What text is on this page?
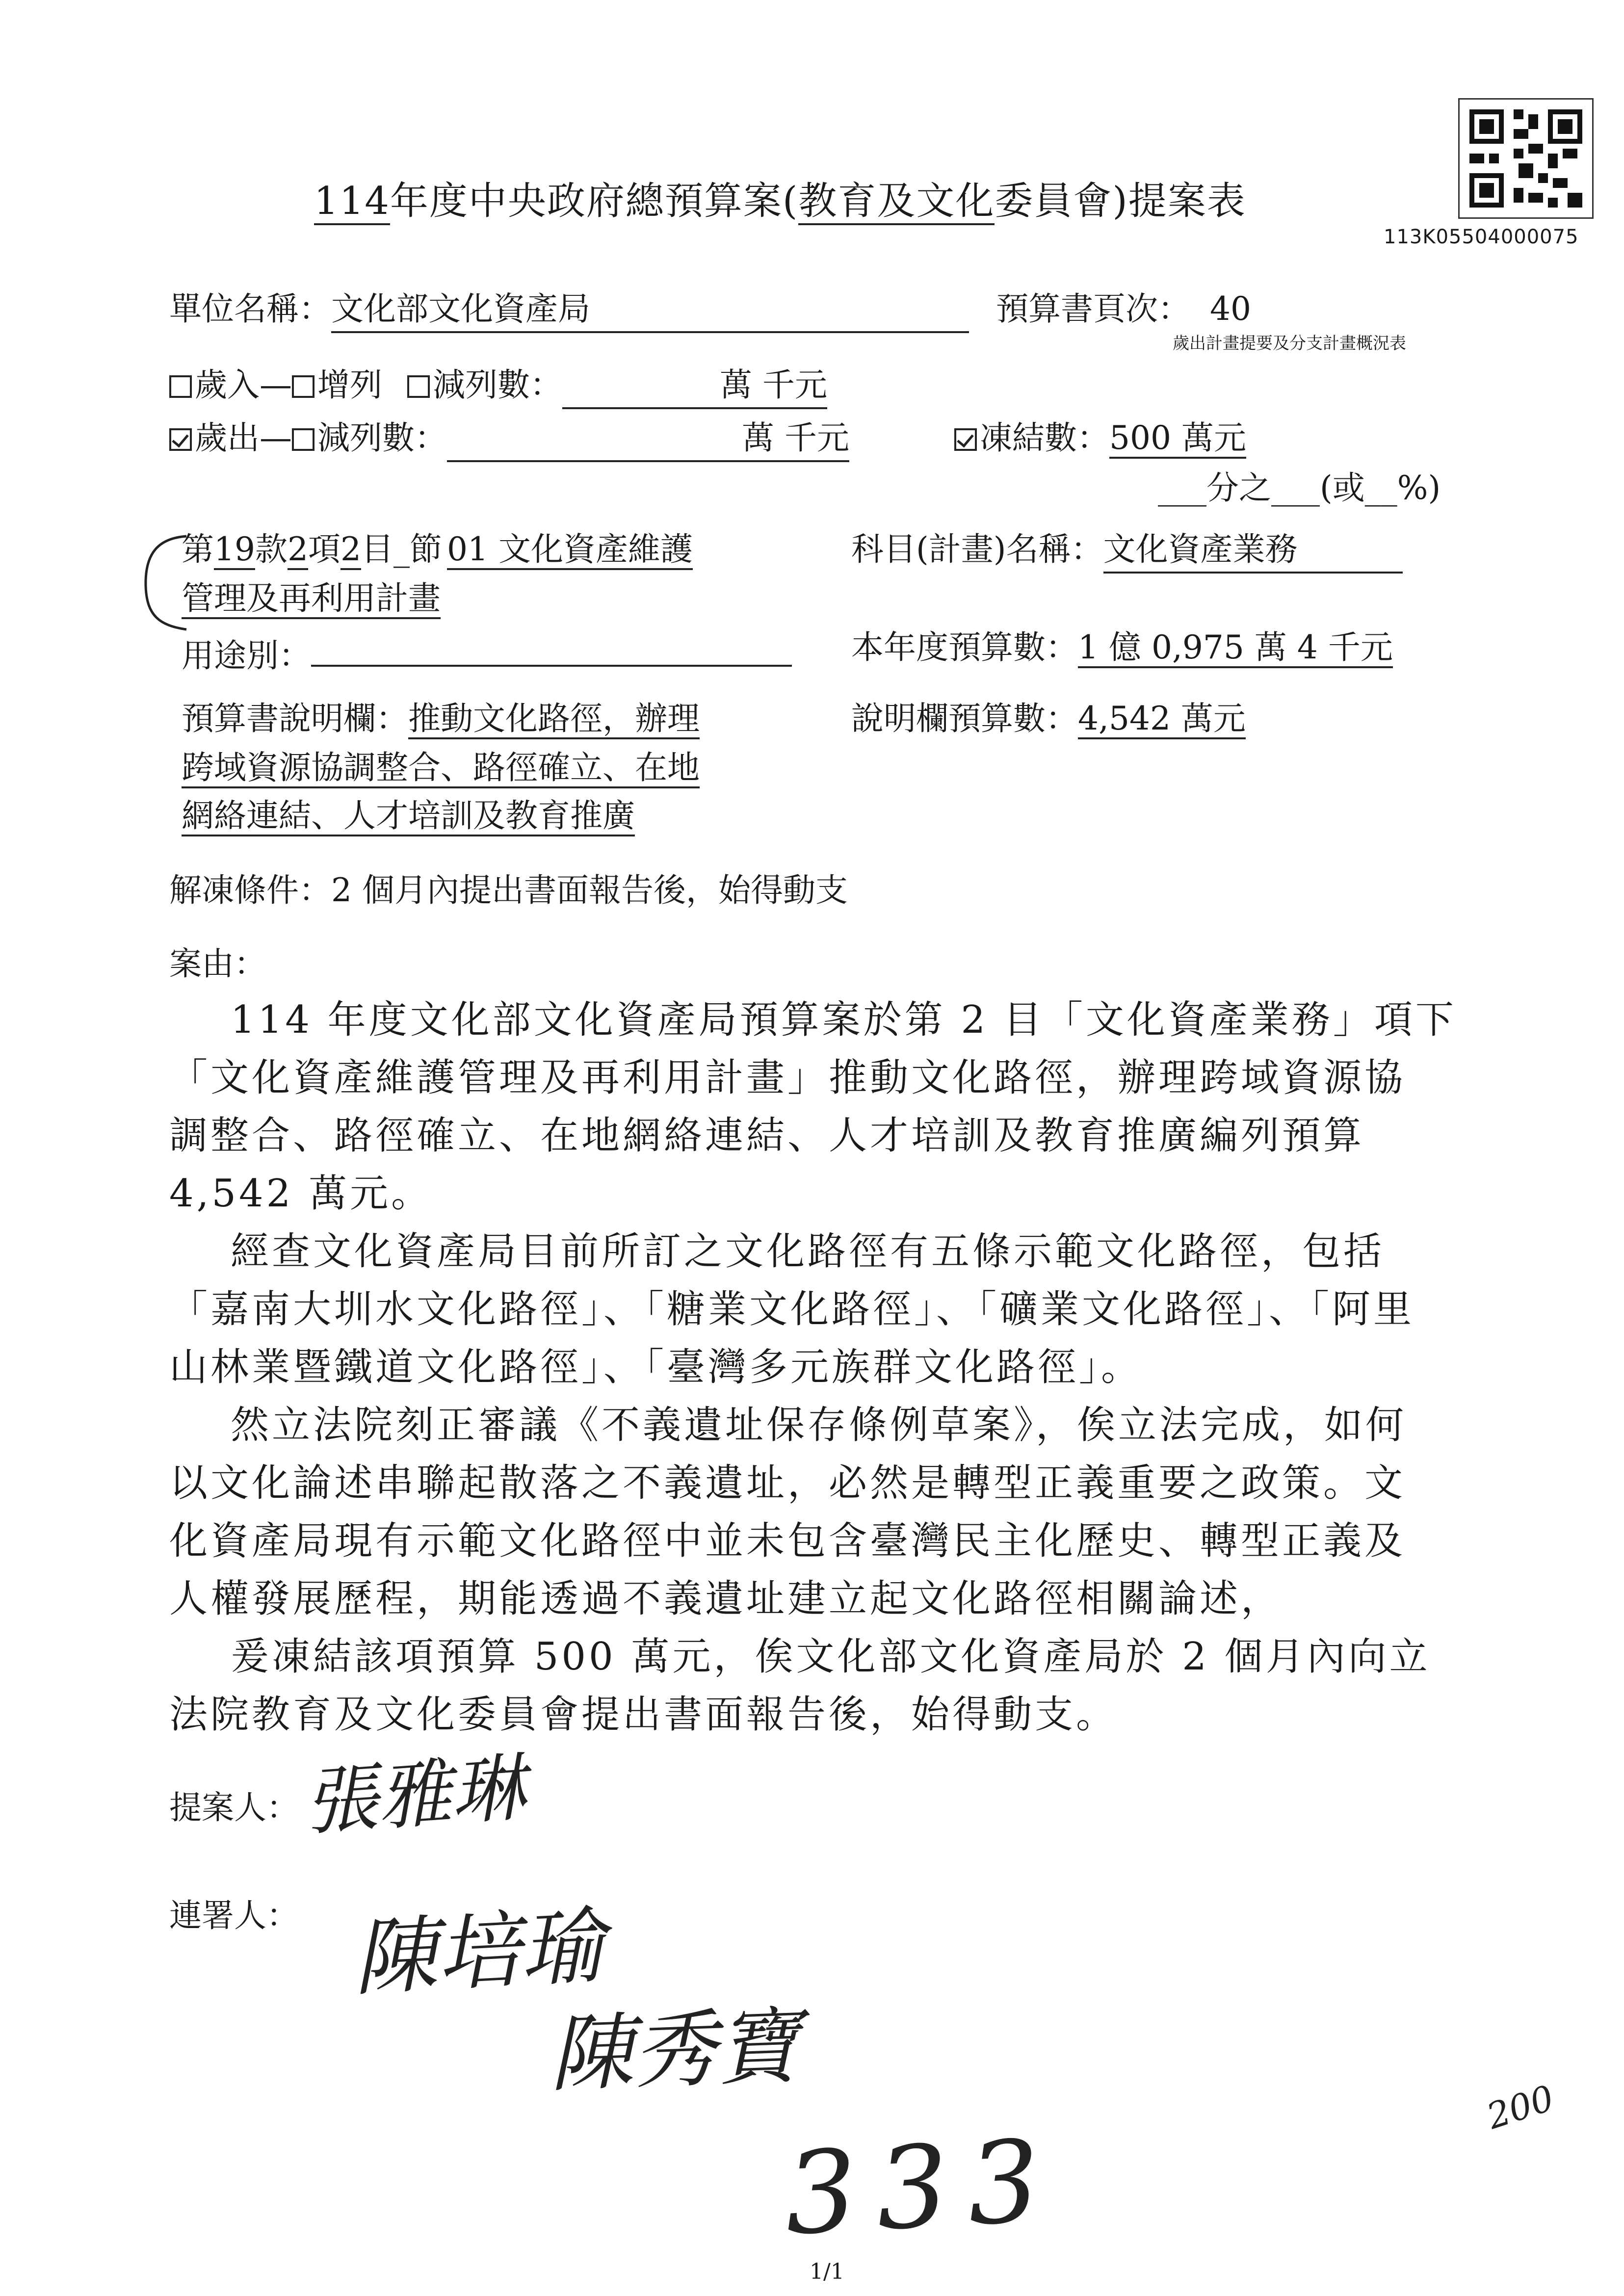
114年度中央政府總預算案(教育及文化委員會)提案表
113K05504000075
單位名稱：文化部文化資產局	預算書頁次： 40
歲出計畫提要及分支計畫概況表
歲入— 增列 減列數：	萬 千元
歲出— 減列數：	萬 千元	凍結數：500 萬元
___分之___(或__%)
第19款2項2目_節 01 文化資產維護
管理及再利用計畫
科目(計畫)名稱：文化資產業務
用途別：	本年度預算數：1 億 0,975 萬 4 千元
預算書說明欄：推動文化路徑，辦理
跨域資源協調整合、路徑確立、在地
網絡連結、人才培訓及教育推廣
說明欄預算數：4,542 萬元
解凍條件：2 個月內提出書面報告後，始得動支
案由：
114 年度文化部文化資產局預算案於第 2 目「文化資產業務」項下
「文化資產維護管理及再利用計畫」推動文化路徑，辦理跨域資源協
調整合、路徑確立、在地網絡連結、人才培訓及教育推廣編列預算
4,542 萬元。
經查文化資產局目前所訂之文化路徑有五條示範文化路徑，包括
「嘉南大圳水文化路徑」、「糖業文化路徑」、「礦業文化路徑」、「阿里
山林業暨鐵道文化路徑」、「臺灣多元族群文化路徑」。
然立法院刻正審議《不義遺址保存條例草案》，俟立法完成，如何
以文化論述串聯起散落之不義遺址，必然是轉型正義重要之政策。文
化資產局現有示範文化路徑中並未包含臺灣民主化歷史、轉型正義及
人權發展歷程，期能透過不義遺址建立起文化路徑相關論述，
爰凍結該項預算 500 萬元，俟文化部文化資產局於 2 個月內向立
法院教育及文化委員會提出書面報告後，始得動支。
提案人： 張雅琳
連署人： 陳培瑜
陳秀寶
333
200
1/1
